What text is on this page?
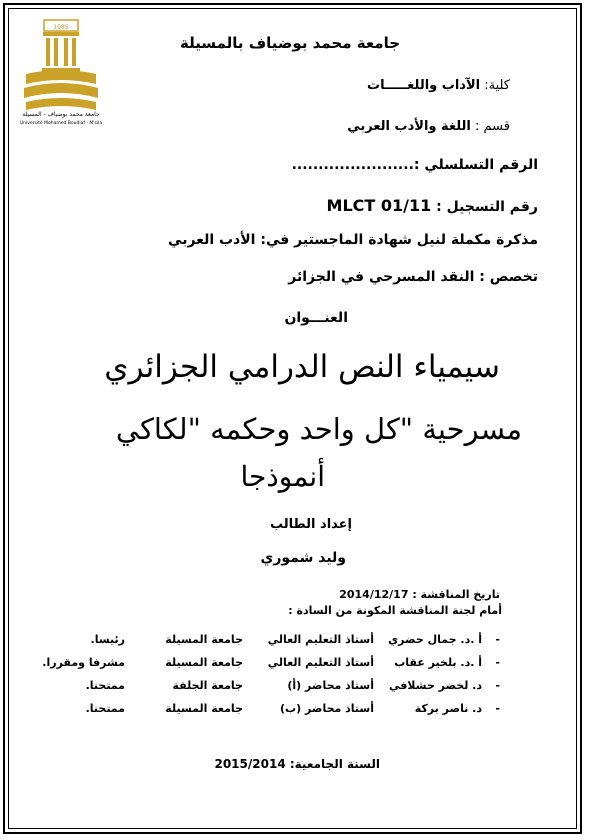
1985
جامعة محمد بوضياف - المسيلة
Université Mohamed Boudiaf - M'sila
جامعة محمد بوضياف بالمسيلة
كلية: الآداب واللغـــــات
قسم : اللغة والأدب العربي
الرقم التسلسلي :.......................
رقم التسجيل : MLCT 01/11
مذكرة مكملة لنيل شهادة الماجستير في: الأدب العربي
تخصص : النقد المسرحي في الجزائر
العنـــوان
سيمياء النص الدرامي الجزائري
مسرحية "كل واحد وحكمه "لكاكي
أنموذجا
إعداد الطالب
وليد شموري
تاريخ المناقشة : 2014/12/17
أمام لجنة المناقشة المكونة من السادة :
-
أ .د. جمال حضري
أستاذ التعليم العالي
جامعة المسيلة
رئيسا.
-
أ .د. بلخير عقاب
أستاذ التعليم العالي
جامعة المسيلة
مشرفا ومقررا.
-
د. لخضر حشلافي
أستاذ محاضر (أ)
جامعة الجلفة
ممتحنا.
-
د. ناصر بركة
أستاذ محاضر (ب)
جامعة المسيلة
ممتحنا.
السنة الجامعية: 2015/2014
